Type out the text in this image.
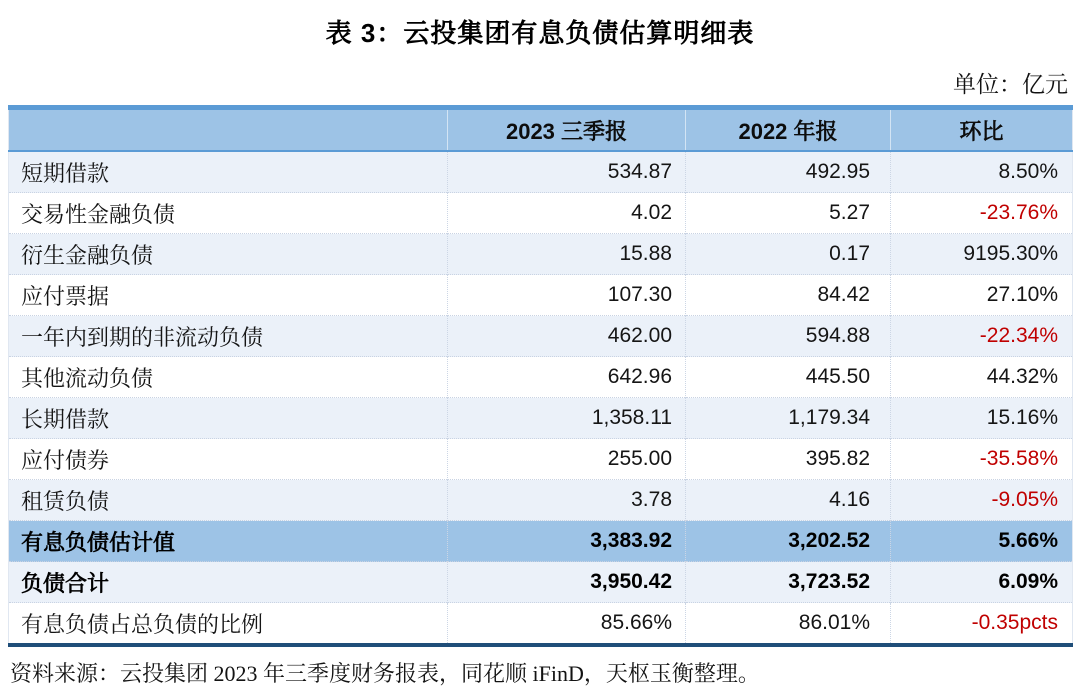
表 3：云投集团有息负债估算明细表
单位：亿元
	2023 三季报	2022 年报	环比
短期借款	534.87	492.95	8.50%
交易性金融负债	4.02	5.27	-23.76%
衍生金融负债	15.88	0.17	9195.30%
应付票据	107.30	84.42	27.10%
一年内到期的非流动负债	462.00	594.88	-22.34%
其他流动负债	642.96	445.50	44.32%
长期借款	1,358.11	1,179.34	15.16%
应付债券	255.00	395.82	-35.58%
租赁负债	3.78	4.16	-9.05%
有息负债估计值	3,383.92	3,202.52	5.66%
负债合计	3,950.42	3,723.52	6.09%
有息负债占总负债的比例	85.66%	86.01%	-0.35pcts
资料来源：云投集团 2023 年三季度财务报表，同花顺 iFinD，天枢玉衡整理。
